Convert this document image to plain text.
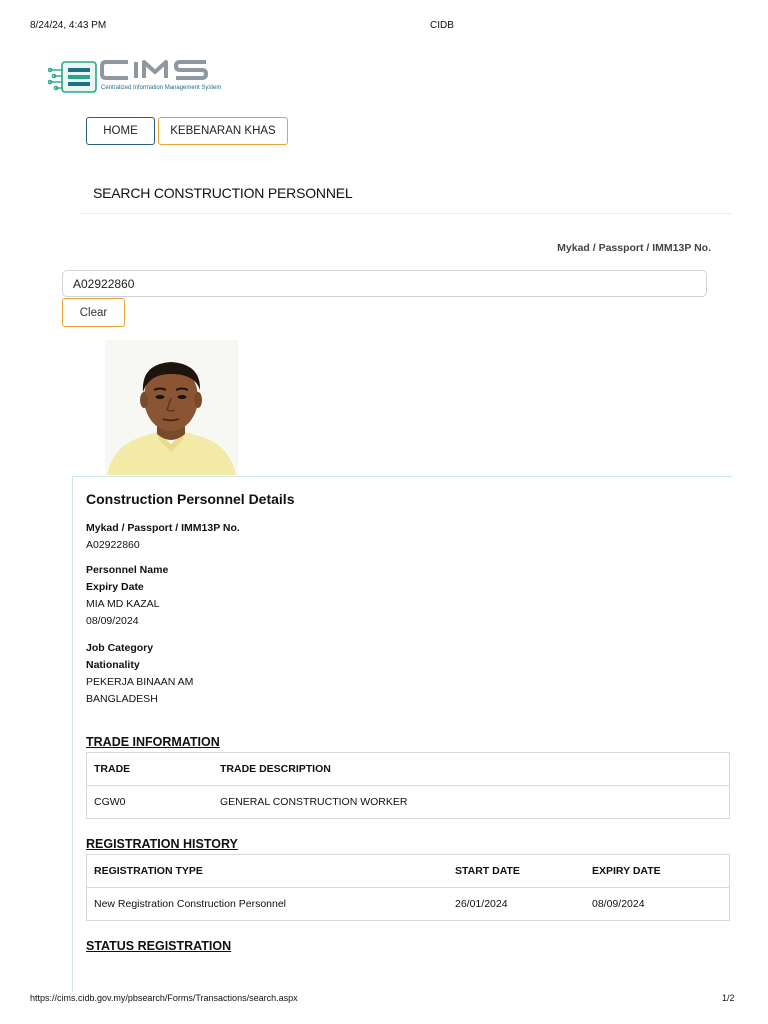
8/24/24, 4:43 PM	CIDB
Centralized Information Management System
HOME	KEBENARAN KHAS
SEARCH CONSTRUCTION PERSONNEL
Mykad / Passport / IMM13P No.
A02922860
Clear
Construction Personnel Details
Mykad / Passport / IMM13P No.
A02922860
Personnel Name
Expiry Date
MIA MD KAZAL
08/09/2024
Job Category
Nationality
PEKERJA BINAAN AM
BANGLADESH
TRADE INFORMATION
TRADE	TRADE DESCRIPTION
CGW0	GENERAL CONSTRUCTION WORKER
REGISTRATION HISTORY
REGISTRATION TYPE	START DATE	EXPIRY DATE
New Registration Construction Personnel	26/01/2024	08/09/2024
STATUS REGISTRATION
https://cims.cidb.gov.my/pbsearch/Forms/Transactions/search.aspx	1/2
